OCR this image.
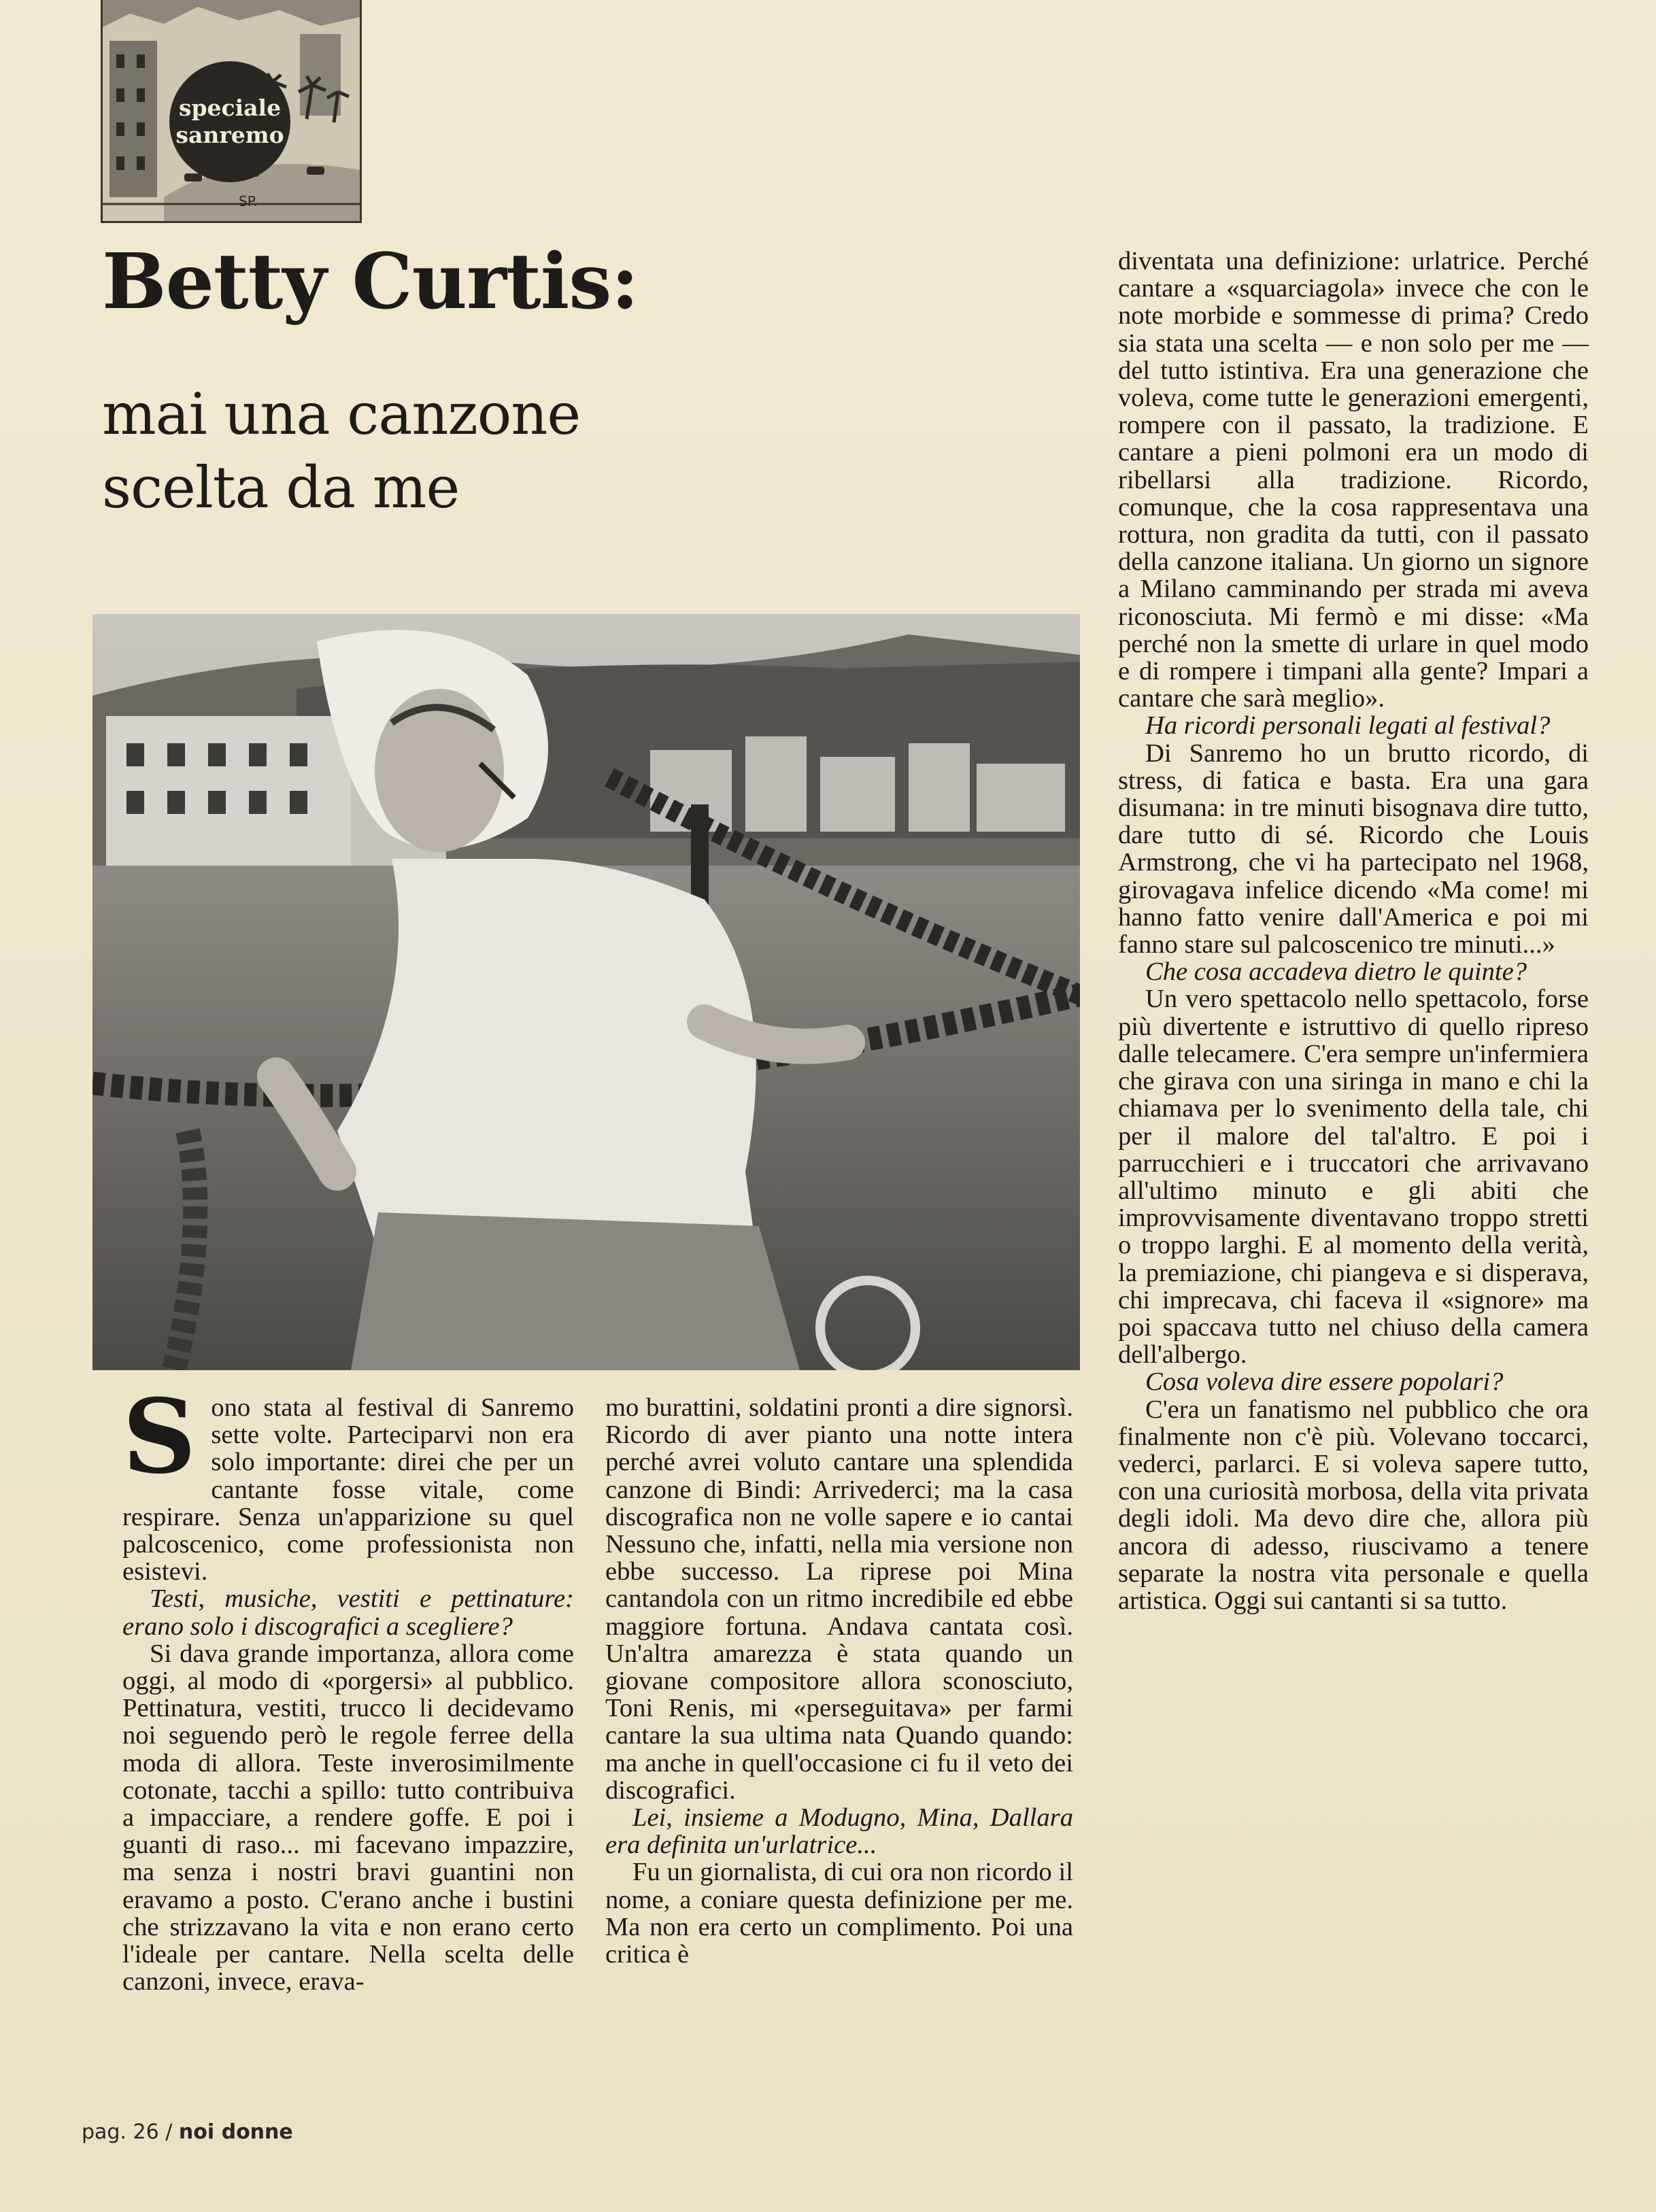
speciale
sanremo
SP.
Betty Curtis:
mai una canzone
scelta da me

Sono stata al festival di Sanremo sette volte. Parteciparvi non era solo importante: direi che per un cantante fosse vitale, come respirare. Senza un'apparizione su quel palcoscenico, come professionista non esistevi.

Testi, musiche, vestiti e pettinature: erano solo i discografici a scegliere?

Si dava grande importanza, allora come oggi, al modo di «porgersi» al pubblico. Pettinatura, vestiti, trucco li decidevamo noi seguendo però le regole ferree della moda di allora. Teste inverosimilmente cotonate, tacchi a spillo: tutto contribuiva a impacciare, a rendere goffe. E poi i guanti di raso... mi facevano impazzire, ma senza i nostri bravi guantini non eravamo a posto. C'erano anche i bustini che strizzavano la vita e non erano certo l'ideale per cantare. Nella scelta delle canzoni, invece, erava-

mo burattini, soldatini pronti a dire signorsì. Ricordo di aver pianto una notte intera perché avrei voluto cantare una splendida canzone di Bindi: Arrivederci; ma la casa discografica non ne volle sapere e io cantai Nessuno che, infatti, nella mia versione non ebbe successo. La riprese poi Mina cantandola con un ritmo incredibile ed ebbe maggiore fortuna. Andava cantata così. Un'altra amarezza è stata quando un giovane compositore allora sconosciuto, Toni Renis, mi «perseguitava» per farmi cantare la sua ultima nata Quando quando: ma anche in quell'occasione ci fu il veto dei discografici.

Lei, insieme a Modugno, Mina, Dallara era definita un'urlatrice...

Fu un giornalista, di cui ora non ricordo il nome, a coniare questa definizione per me. Ma non era certo un complimento. Poi una critica è

diventata una definizione: urlatrice. Perché cantare a «squarciagola» invece che con le note morbide e sommesse di prima? Credo sia stata una scelta — e non solo per me — del tutto istintiva. Era una generazione che voleva, come tutte le generazioni emergenti, rompere con il passato, la tradizione. E cantare a pieni polmoni era un modo di ribellarsi alla tradizione. Ricordo, comunque, che la cosa rappresentava una rottura, non gradita da tutti, con il passato della canzone italiana. Un giorno un signore a Milano camminando per strada mi aveva riconosciuta. Mi fermò e mi disse: «Ma perché non la smette di urlare in quel modo e di rompere i timpani alla gente? Impari a cantare che sarà meglio».

Ha ricordi personali legati al festival?

Di Sanremo ho un brutto ricordo, di stress, di fatica e basta. Era una gara disumana: in tre minuti bisognava dire tutto, dare tutto di sé. Ricordo che Louis Armstrong, che vi ha partecipato nel 1968, girovagava infelice dicendo «Ma come! mi hanno fatto venire dall'America e poi mi fanno stare sul palcoscenico tre minuti...»

Che cosa accadeva dietro le quinte?

Un vero spettacolo nello spettacolo, forse più divertente e istruttivo di quello ripreso dalle telecamere. C'era sempre un'infermiera che girava con una siringa in mano e chi la chiamava per lo svenimento della tale, chi per il malore del tal'altro. E poi i parrucchieri e i truccatori che arrivavano all'ultimo minuto e gli abiti che improvvisamente diventavano troppo stretti o troppo larghi. E al momento della verità, la premiazione, chi piangeva e si disperava, chi imprecava, chi faceva il «signore» ma poi spaccava tutto nel chiuso della camera dell'albergo.

Cosa voleva dire essere popolari?

C'era un fanatismo nel pubblico che ora finalmente non c'è più. Volevano toccarci, vederci, parlarci. E si voleva sapere tutto, con una curiosità morbosa, della vita privata degli idoli. Ma devo dire che, allora più ancora di adesso, riuscivamo a tenere separate la nostra vita personale e quella artistica. Oggi sui cantanti si sa tutto.

pag. 26 / noi donne
